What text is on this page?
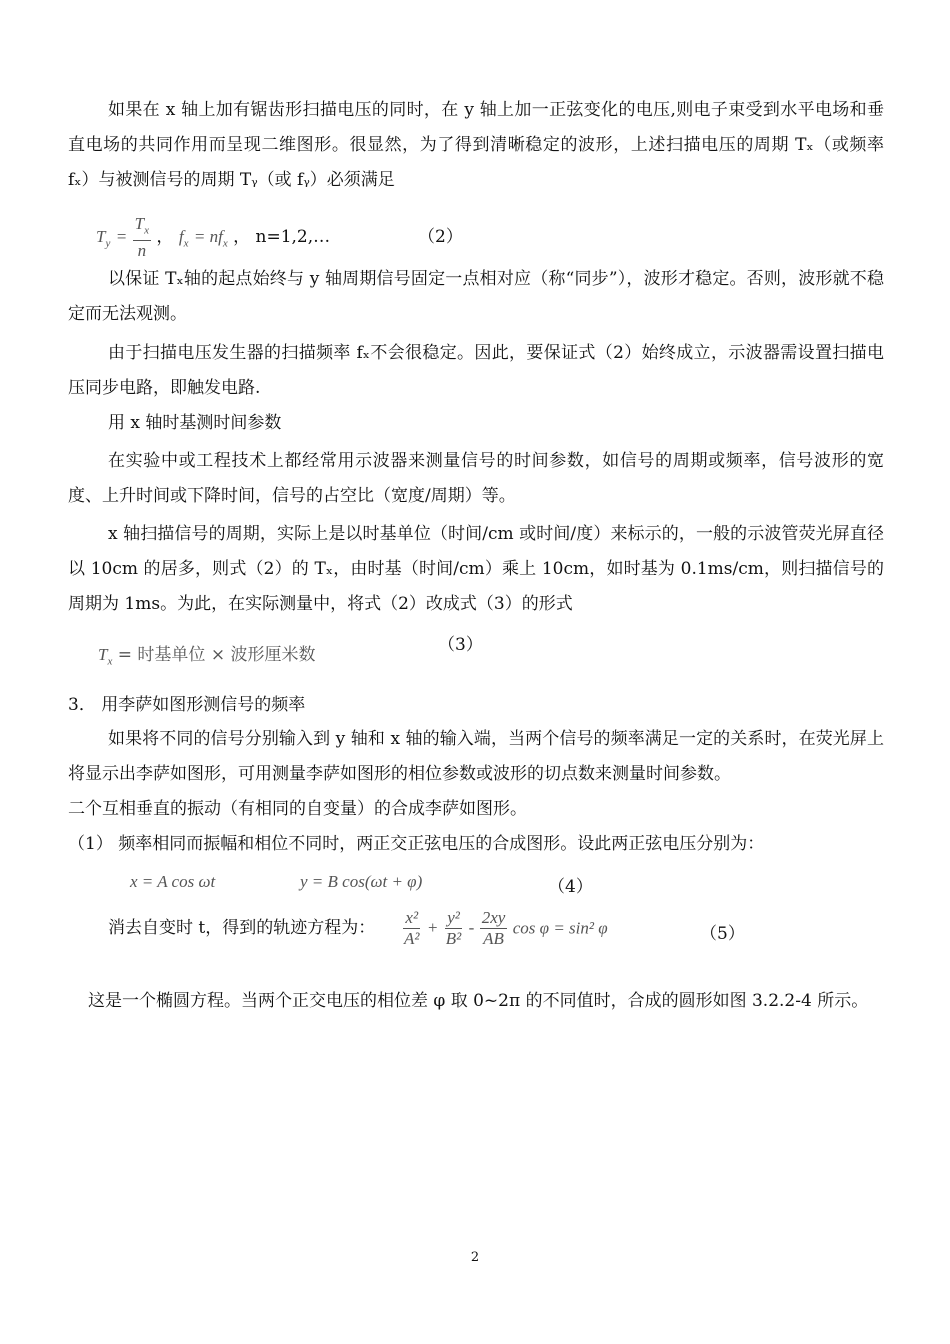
如果在 x 轴上加有锯齿形扫描电压的同时，在 y 轴上加一正弦变化的电压,则电子束受到水平电场和垂直电场的共同作用而呈现二维图形。很显然，为了得到清晰稳定的波形，上述扫描电压的周期 Tₓ（或频率 fₓ）与被测信号的周期 Tᵧ（或 fᵧ）必须满足

$T_y = \frac{T_x}{n}$ ， $f_x = nf_x$ ， n=1,2,…	（2）

以保证 Tₓ轴的起点始终与 y 轴周期信号固定一点相对应（称“同步”），波形才稳定。否则，波形就不稳定而无法观测。

由于扫描电压发生器的扫描频率 fₓ不会很稳定。因此，要保证式（2）始终成立，示波器需设置扫描电压同步电路，即触发电路.

用 x 轴时基测时间参数

在实验中或工程技术上都经常用示波器来测量信号的时间参数，如信号的周期或频率，信号波形的宽度、上升时间或下降时间，信号的占空比（宽度/周期）等。

x 轴扫描信号的周期，实际上是以时基单位（时间/cm 或时间/度）来标示的，一般的示波管荧光屏直径以 10cm 的居多，则式（2）的 Tₓ，由时基（时间/cm）乘上 10cm，如时基为 0.1ms/cm，则扫描信号的周期为 1ms。为此，在实际测量中，将式（2）改成式（3）的形式

$T_x$ = 时基单位 × 波形厘米数	（3）
3． 用李萨如图形测信号的频率

如果将不同的信号分别输入到 y 轴和 x 轴的输入端，当两个信号的频率满足一定的关系时，在荧光屏上将显示出李萨如图形，可用测量李萨如图形的相位参数或波形的切点数来测量时间参数。

二个互相垂直的振动（有相同的自变量）的合成李萨如图形。
（1） 频率相同而振幅和相位不同时，两正交正弦电压的合成图形。设此两正弦电压分别为：
x = A cos ωt	y = B cos(ωt + φ)	（4）
消去自变时 t，得到的轨迹方程为： $\frac{\text{x²}}{\text{A²}} + \frac{\text{y²}}{\text{B²}} - \frac{2xy}{AB}$ cos φ = sin² φ	（5）

这是一个椭圆方程。当两个正交电压的相位差 φ 取 0~2π 的不同值时，合成的圆形如图 3.2.2-4 所示。

2
